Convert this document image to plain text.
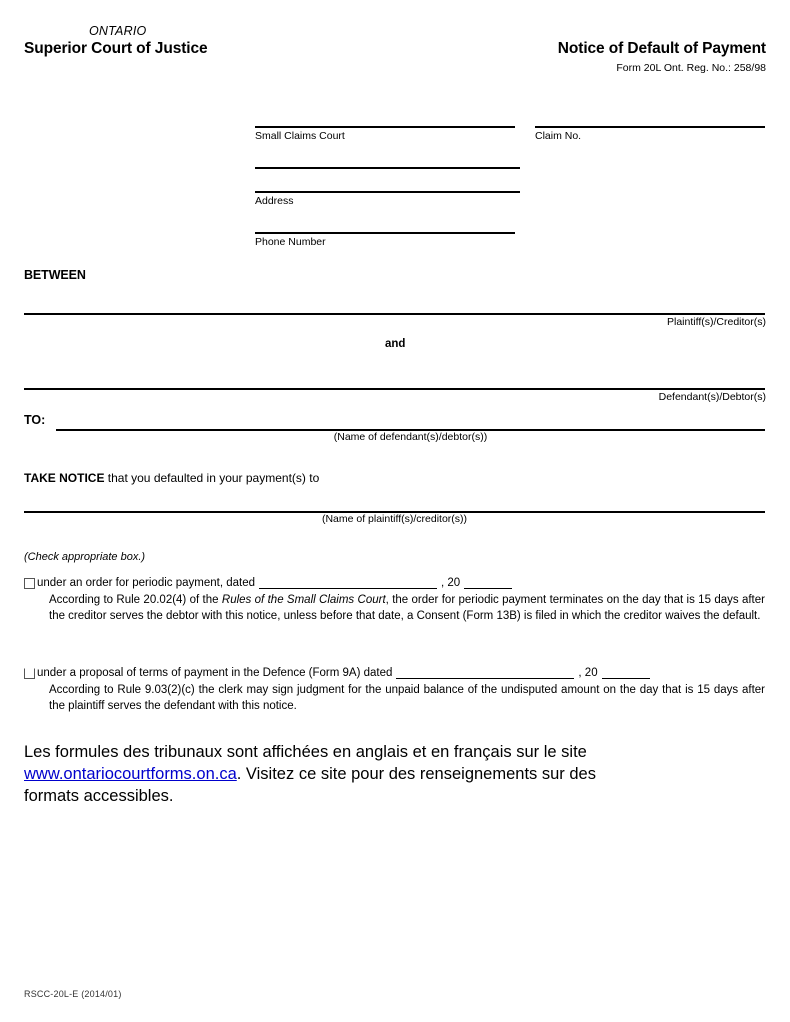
ONTARIO
Superior Court of Justice	Notice of Default of Payment
Form 20L Ont. Reg. No.: 258/98
Small Claims Court
Address
Phone Number
Claim No.
BETWEEN
Plaintiff(s)/Creditor(s)
and
Defendant(s)/Debtor(s)
TO:
(Name of defendant(s)/debtor(s))
TAKE NOTICE that you defaulted in your payment(s) to
(Name of plaintiff(s)/creditor(s))
(Check appropriate box.)
under an order for periodic payment, dated	, 20
According to Rule 20.02(4) of the Rules of the Small Claims Court, the order for periodic payment terminates on the day that is 15 days after the creditor serves the debtor with this notice, unless before that date, a Consent (Form 13B) is filed in which the creditor waives the default.
under a proposal of terms of payment in the Defence (Form 9A) dated	, 20
According to Rule 9.03(2)(c) the clerk may sign judgment for the unpaid balance of the undisputed amount on the day that is 15 days after the plaintiff serves the defendant with this notice.
Les formules des tribunaux sont affichées en anglais et en français sur le site www.ontariocourtforms.on.ca. Visitez ce site pour des renseignements sur des formats accessibles.
RSCC-20L-E (2014/01)
